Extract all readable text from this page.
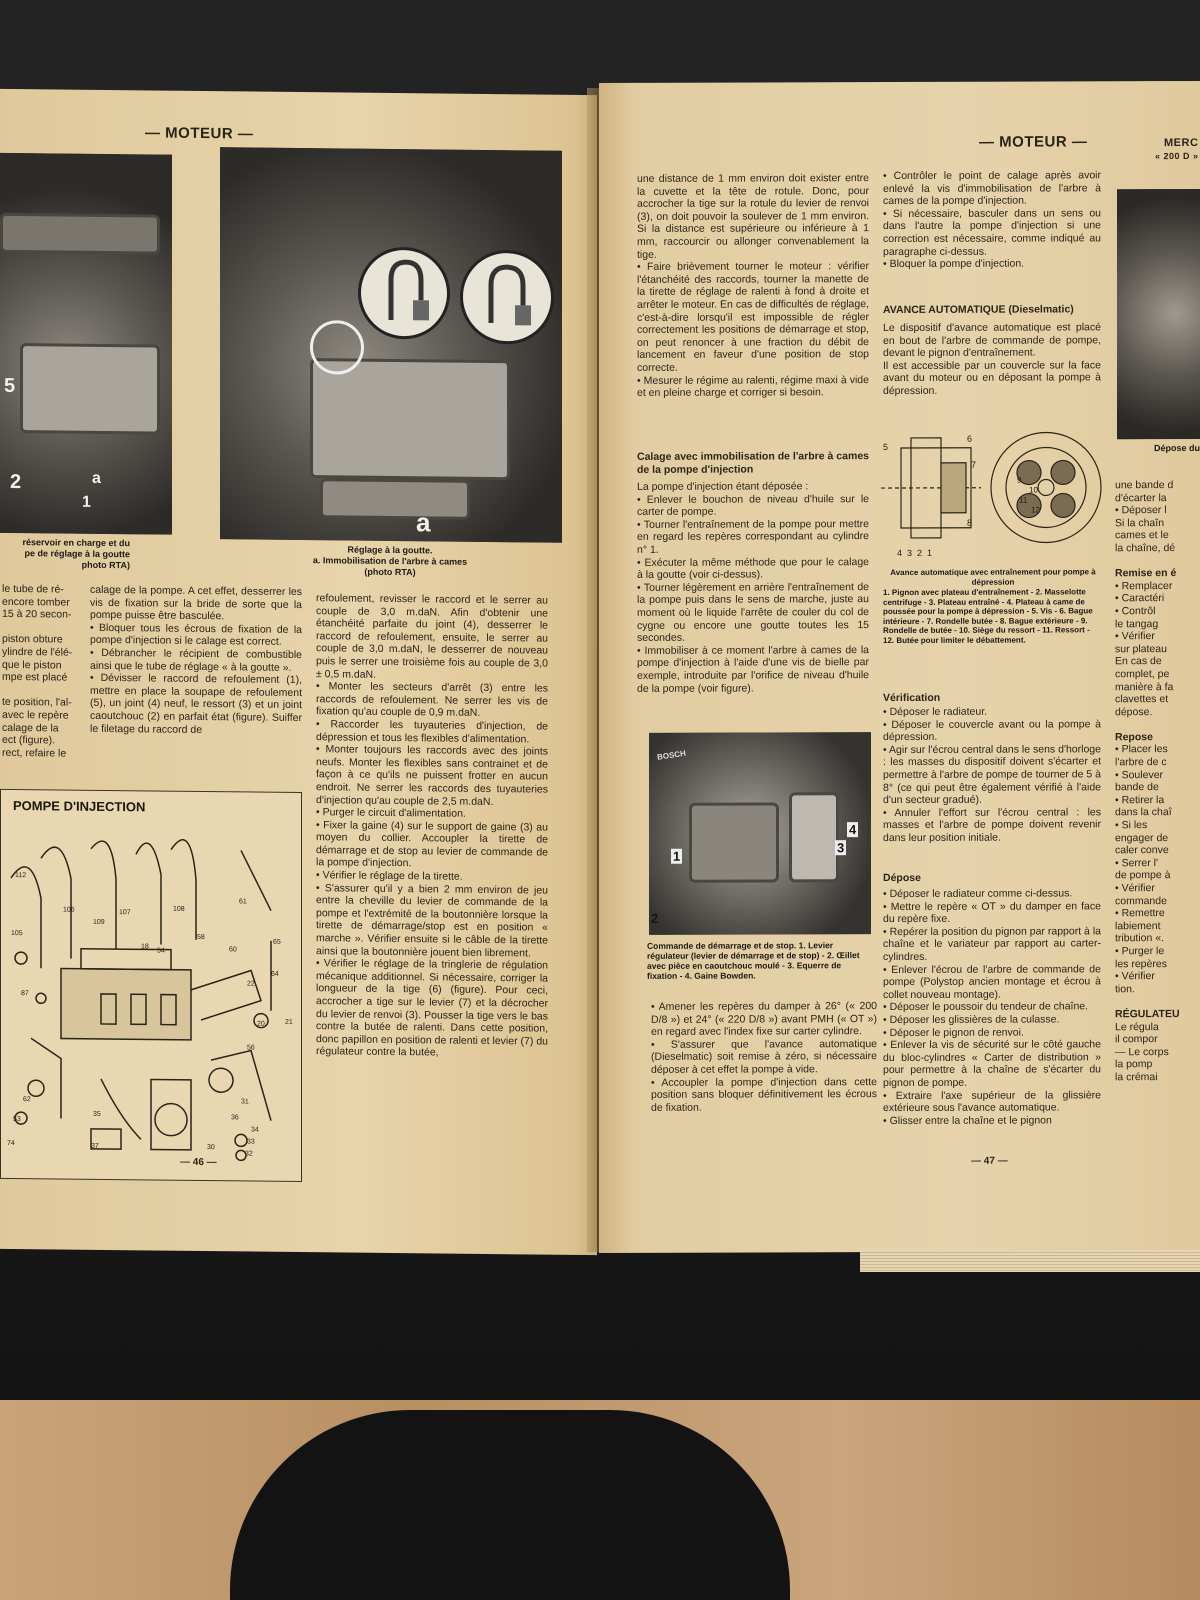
— MOTEUR —
5
2
1
a
réservoir en charge et du
pe de réglage à la goutte
photo RTA)
a
Réglage à la goutte.
a. Immobilisation de l'arbre à cames
(photo RTA)
le tube de ré-
encore tomber
15 à 20 secon-

piston obture
ylindre de l'élé-
que le piston
mpe est placé

te position, l'al-
avec le repère
calage de la
ect (figure).
rect, refaire le
calage de la pompe. A cet effet, desserrer les vis de fixation sur la bride de sorte que la pompe puisse être basculée.
• Bloquer tous les écrous de fixation de la pompe d'injection si le calage est correct.
• Débrancher le récipient de combustible ainsi que le tube de réglage « à la goutte ».
• Dévisser le raccord de refoulement (1), mettre en place la soupape de refoulement (5), un joint (4) neuf, le ressort (3) et un joint caoutchouc (2) en parfait état (figure). Suiffer le filetage du raccord de
refoulement, revisser le raccord et le serrer au couple de 3,0 m.daN. Afin d'obtenir une étanchéité parfaite du joint (4), desserrer le raccord de refoulement, ensuite, le serrer au couple de 3,0 m.daN, le desserrer de nouveau puis le serrer une troisième fois au couple de 3,0 ± 0,5 m.daN.
• Monter les secteurs d'arrêt (3) entre les raccords de refoulement. Ne serrer les vis de fixation qu'au couple de 0,9 m.daN.
• Raccorder les tuyauteries d'injection, de dépression et tous les flexibles d'alimentation.
• Monter toujours les raccords avec des joints neufs. Monter les flexibles sans contrainet et de façon à ce qu'ils ne puissent frotter en aucun endroit. Ne serrer les raccords des tuyauteries d'injection qu'au couple de 2,5 m.daN.
• Purger le circuit d'alimentation.
• Fixer la gaine (4) sur le support de gaine (3) au moyen du collier. Accoupler la tirette de démarrage et de stop au levier de commande de la pompe d'injection.
• Vérifier le réglage de la tirette.
• S'assurer qu'il y a bien 2 mm environ de jeu entre la cheville du levier de commande de la pompe et l'extrémité de la boutonnière lorsque la tirette de démarrage/stop est en position « marche ». Vérifier ensuite si le câble de la tirette ainsi que la boutonnière jouent bien librement.
• Vérifier le réglage de la tringlerie de régulation mécanique additionnel. Si nécessaire, corriger la longueur de la tige (6) (figure). Pour ceci, accrocher a tige sur le levier (7) et la décrocher du levier de renvoi (3). Pousser la tige vers le bas contre la butée de ralenti. Dans cette position, donc papillon en position de ralenti et levier (7) du régulateur contre la butée,
POMPE D'INJECTION
112
106
109
107	108
61
105
18
54
58
60
65
64
22
20	21
87
56
31
36
34
33
32
35
37	30
62
53
74
— 46 —
— MOTEUR —	MERC
« 200 D »
une distance de 1 mm environ doit exister entre la cuvette et la tête de rotule. Donc, pour accrocher la tige sur la rotule du levier de renvoi (3), on doit pouvoir la soulever de 1 mm environ. Si la distance est supérieure ou inférieure à 1 mm, raccourcir ou allonger convenablement la tige.
• Faire brièvement tourner le moteur : vérifier l'étanchéité des raccords, tourner la manette de la tirette de réglage de ralenti à fond à droite et arrêter le moteur. En cas de difficultés de réglage, c'est-à-dire lorsqu'il est impossible de régler correctement les positions de démarrage et stop, on peut renoncer à une fraction du débit de lancement en faveur d'une position de stop correcte.
• Mesurer le régime au ralenti, régime maxi à vide et en pleine charge et corriger si besoin.
Calage avec immobilisation de l'arbre à cames de la pompe d'injection
La pompe d'injection étant déposée :
• Enlever le bouchon de niveau d'huile sur le carter de pompe.
• Tourner l'entraînement de la pompe pour mettre en regard les repères correspondant au cylindre n° 1.
• Exécuter la même méthode que pour le calage à la goutte (voir ci-dessus).
• Tourner légèrement en arrière l'entraînement de la pompe puis dans le sens de marche, juste au moment où le liquide l'arrête de couler du col de cygne ou encore une goutte toutes les 15 secondes.
• Immobiliser à ce moment l'arbre à cames de la pompe d'injection à l'aide d'une vis de bielle par exemple, introduite par l'orifice de niveau d'huile de la pompe (voir figure).
BOSCH
1
2
3
4
Commande de démarrage et de stop. 1. Levier régulateur (levier de démarrage et de stop) - 2. Œillet avec pièce en caoutchouc moulé - 3. Equerre de fixation - 4. Gaine Bowden.
• Amener les repères du damper à 26° (« 200 D/8 ») et 24° (« 220 D/8 ») avant PMH (« OT ») en regard avec l'index fixe sur carter cylindre.
• S'assurer que l'avance automatique (Dieselmatic) soit remise à zéro, si nécessaire déposer à cet effet la pompe à vide.
• Accoupler la pompe d'injection dans cette position sans bloquer définitivement les écrous de fixation.
• Contrôler le point de calage après avoir enlevé la vis d'immobilisation de l'arbre à cames de la pompe d'injection.
• Si nécessaire, basculer dans un sens ou dans l'autre la pompe d'injection si une correction est nécessaire, comme indiqué au paragraphe ci-dessus.
• Bloquer la pompe d'injection.
AVANCE AUTOMATIQUE (Dieselmatic)
Le dispositif d'avance automatique est placé en bout de l'arbre de commande de pompe, devant le pignon d'entraînement.
Il est accessible par un couvercle sur la face avant du moteur ou en déposant la pompe à dépression.
5
6
7
8
4 3 2 1
9
10
11
12
Avance automatique avec entraînement pour pompe à dépression
1. Pignon avec plateau d'entraînement - 2. Masselotte centrifuge - 3. Plateau entraîné - 4. Plateau à came de poussée pour la pompe à dépression - 5. Vis - 6. Bague intérieure - 7. Rondelle butée - 8. Bague extérieure - 9. Rondelle de butée - 10. Siège du ressort - 11. Ressort - 12. Butée pour limiter le débattement.
Vérification
• Déposer le radiateur.
• Déposer le couvercle avant ou la pompe à dépression.
• Agir sur l'écrou central dans le sens d'horloge : les masses du dispositif doivent s'écarter et permettre à l'arbre de pompe de tourner de 5 à 8° (ce qui peut être également vérifié à l'aide d'un secteur gradué).
• Annuler l'effort sur l'écrou central : les masses et l'arbre de pompe doivent revenir dans leur position initiale.
Dépose
• Déposer le radiateur comme ci-dessus.
• Mettre le repère « OT » du damper en face du repère fixe.
• Repérer la position du pignon par rapport à la chaîne et le variateur par rapport au carter-cylindres.
• Enlever l'écrou de l'arbre de commande de pompe (Polystop ancien montage et écrou à collet nouveau montage).
• Déposer le poussoir du tendeur de chaîne.
• Déposer les glissières de la culasse.
• Déposer le pignon de renvoi.
• Enlever la vis de sécurité sur le côté gauche du bloc-cylindres « Carter de distribution » pour permettre à la chaîne de s'écarter du pignon de pompe.
• Extraire l'axe supérieur de la glissière extérieure sous l'avance automatique.
• Glisser entre la chaîne et le pignon
Dépose du
une bande d
d'écarter la
• Déposer l
Si la chaîn
cames et le
la chaîne, dé

Remise en é
• Remplacer
• Caractéri
• Contrôl
le tangag
• Vérifier
sur plateau
En cas de
complet, pe
manière à fa
clavettes et
dépose.

Repose
• Placer les
l'arbre de c
• Soulever
bande de
• Retirer la
dans la chaî
• Si les
engager de
caler conve
• Serrer l'
de pompe à
• Vérifier
commande
• Remettre
labiement
tribution «.
• Purger le
les repères
• Vérifier
tion.

RÉGULATEU
Le régula
il compor
— Le corps
la pomp
la crémai
— 47 —
